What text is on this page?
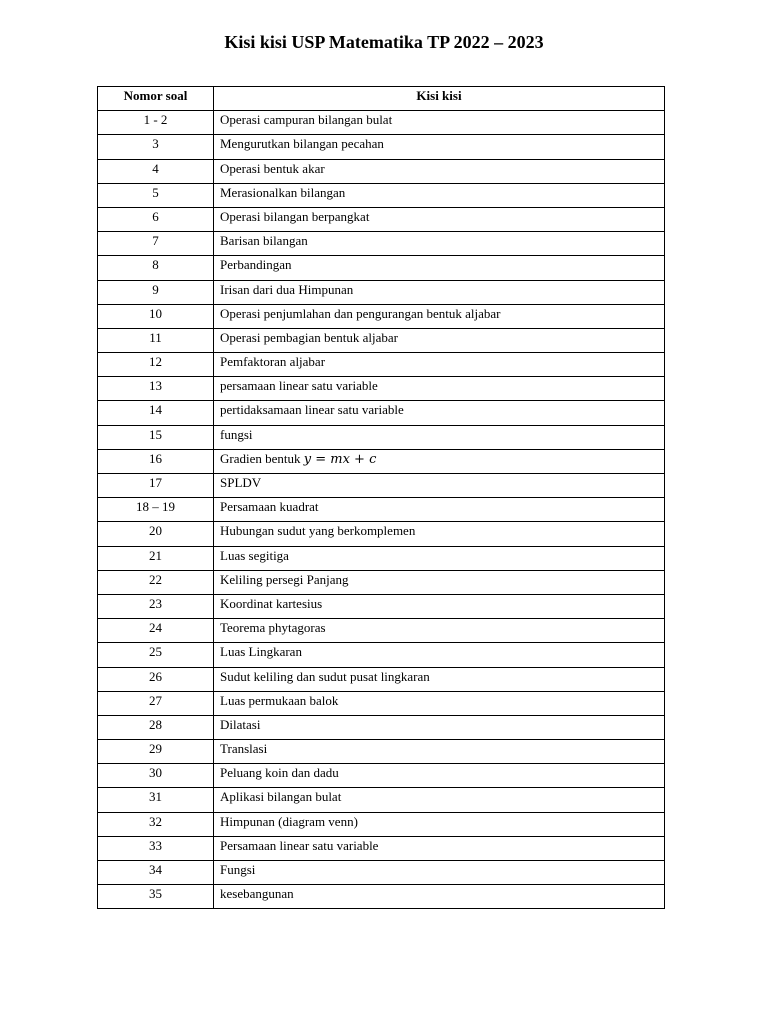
Kisi kisi USP Matematika TP 2022 – 2023
Nomor soal	Kisi kisi
1 - 2	Operasi campuran bilangan bulat
3	Mengurutkan bilangan pecahan
4	Operasi bentuk akar
5	Merasionalkan bilangan
6	Operasi bilangan berpangkat
7	Barisan bilangan
8	Perbandingan
9	Irisan dari dua Himpunan
10	Operasi penjumlahan dan pengurangan bentuk aljabar
11	Operasi pembagian bentuk aljabar
12	Pemfaktoran aljabar
13	persamaan linear satu variable
14	pertidaksamaan linear satu variable
15	fungsi
16	Gradien bentuk y = mx + c
17	SPLDV
18 – 19	Persamaan kuadrat
20	Hubungan sudut yang berkomplemen
21	Luas segitiga
22	Keliling persegi Panjang
23	Koordinat kartesius
24	Teorema phytagoras
25	Luas Lingkaran
26	Sudut keliling dan sudut pusat lingkaran
27	Luas permukaan balok
28	Dilatasi
29	Translasi
30	Peluang koin dan dadu
31	Aplikasi bilangan bulat
32	Himpunan (diagram venn)
33	Persamaan linear satu variable
34	Fungsi
35	kesebangunan
